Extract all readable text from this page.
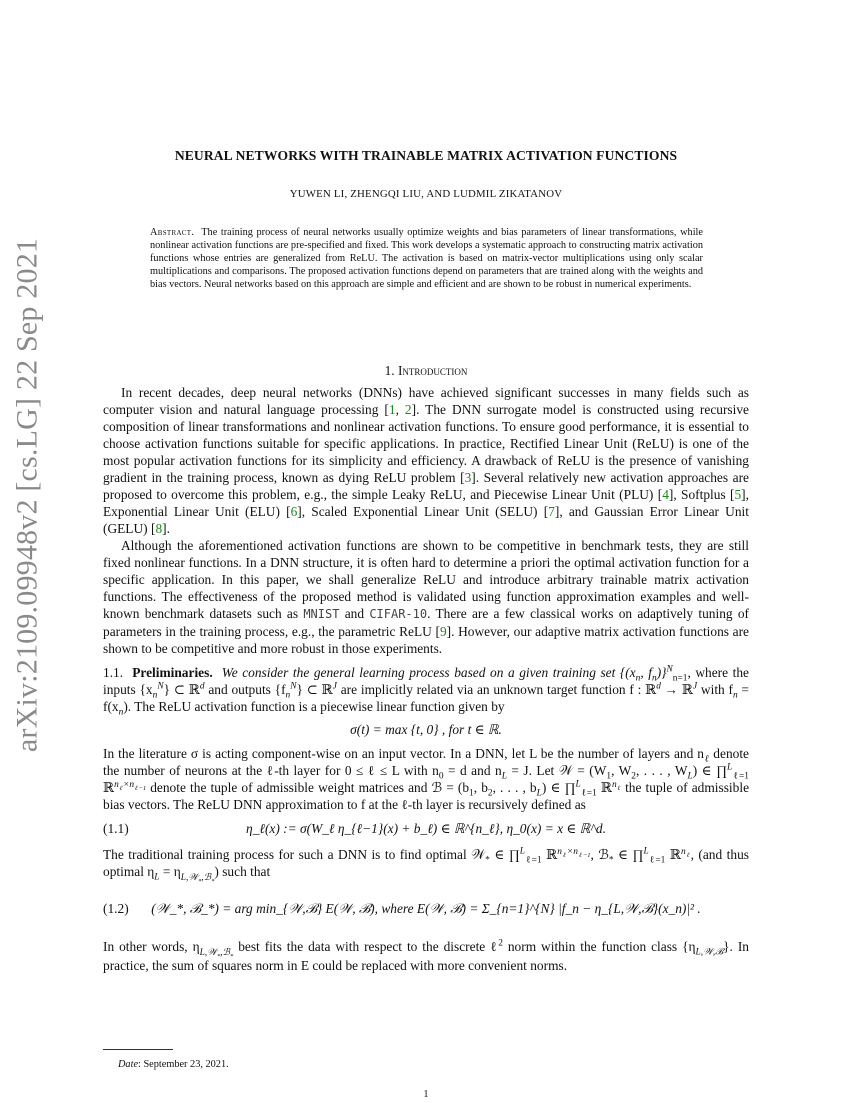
arXiv:2109.09948v2 [cs.LG] 22 Sep 2021
NEURAL NETWORKS WITH TRAINABLE MATRIX ACTIVATION FUNCTIONS
YUWEN LI, ZHENGQI LIU, AND LUDMIL ZIKATANOV
Abstract. The training process of neural networks usually optimize weights and bias parameters of linear transformations, while nonlinear activation functions are pre-specified and fixed. This work develops a systematic approach to constructing matrix activation functions whose entries are generalized from ReLU. The activation is based on matrix-vector multiplications using only scalar multiplications and comparisons. The proposed activation functions depend on parameters that are trained along with the weights and bias vectors. Neural networks based on this approach are simple and efficient and are shown to be robust in numerical experiments.
1. Introduction

In recent decades, deep neural networks (DNNs) have achieved significant successes in many fields such as computer vision and natural language processing [1, 2]. The DNN surrogate model is constructed using recursive composition of linear transformations and nonlinear activation functions. To ensure good performance, it is essential to choose activation functions suitable for specific applications. In practice, Rectified Linear Unit (ReLU) is one of the most popular activation functions for its simplicity and efficiency. A drawback of ReLU is the presence of vanishing gradient in the training process, known as dying ReLU problem [3]. Several relatively new activation approaches are proposed to overcome this problem, e.g., the simple Leaky ReLU, and Piecewise Linear Unit (PLU) [4], Softplus [5], Exponential Linear Unit (ELU) [6], Scaled Exponential Linear Unit (SELU) [7], and Gaussian Error Linear Unit (GELU) [8].

Although the aforementioned activation functions are shown to be competitive in benchmark tests, they are still fixed nonlinear functions. In a DNN structure, it is often hard to determine a priori the optimal activation function for a specific application. In this paper, we shall generalize ReLU and introduce arbitrary trainable matrix activation functions. The effectiveness of the proposed method is validated using function approximation examples and well-known benchmark datasets such as MNIST and CIFAR-10. There are a few classical works on adaptively tuning of parameters in the training process, e.g., the parametric ReLU [9]. However, our adaptive matrix activation functions are shown to be competitive and more robust in those experiments.

1.1. Preliminaries. We consider the general learning process based on a given training set {($x_n$, $f_n)\}^N_{n=1}$, where the inputs $\{x_n^N\}$ ⊂ ℝ$^d$ and outputs $\{f_n^N\}$ ⊂ ℝ$^J$ are implicitly related via an unknown target function f : ℝ$^d$ → ℝ$^J$ with $f_n = f(x_n)$. The ReLU activation function is a piecewise linear function given by

σ(t) = max {t, 0} , for t ∈ ℝ.

In the literature σ is acting component-wise on an input vector. In a DNN, let L be the number of layers and $n_\ell$ denote the number of neurons at the ℓ-th layer for 0 ≤ ℓ ≤ L with $n_0 = d$ and $n_L = J$. Let 𝒲 = ($W_1$, $W_2$, . . . , $W_L$) ∈ ∏$^L_{\ell=1}$ ℝ$^{n_\ell\times n_{\ell-1}}$ denote the tuple of admissible weight matrices and ℬ = ($b_1$, $b_2$, . . . , $b_L$) ∈ ∏$^L_{\ell=1}$ ℝ$^{n_\ell}$ the tuple of admissible bias vectors. The ReLU DNN approximation to f at the ℓ-th layer is recursively defined as

(1.1)	η_ℓ(x) := σ(W_ℓ η_{ℓ−1}(x) + b_ℓ) ∈ ℝ^{n_ℓ}, η_0(x) = x ∈ ℝ^d.

The traditional training process for such a DNN is to find optimal 𝒲$_*$ ∈ ∏$^L_{\ell=1}$ ℝ$^{n_\ell\times n_{\ell-1}}$, ℬ$_*$ ∈ ∏$^L_{\ell=1}$ ℝ$^{n_\ell}$, (and thus optimal $\eta_L = \eta_{L,𝒲_*,ℬ_*}$) such that

(1.2)	(𝒲_*, ℬ_*) = arg min_{𝒲,ℬ} E(𝒲, ℬ), where E(𝒲, ℬ) = Σ_{n=1}^{N} |f_n − η_{L,𝒲,ℬ}(x_n)|² .

In other words, $\eta_{L,𝒲_*,ℬ_*}$ best fits the data with respect to the discrete ℓ$^2$ norm within the function class $\{\eta_{L,𝒲,ℬ}\}$. In practice, the sum of squares norm in E could be replaced with more convenient norms.

Date: September 23, 2021.
1
